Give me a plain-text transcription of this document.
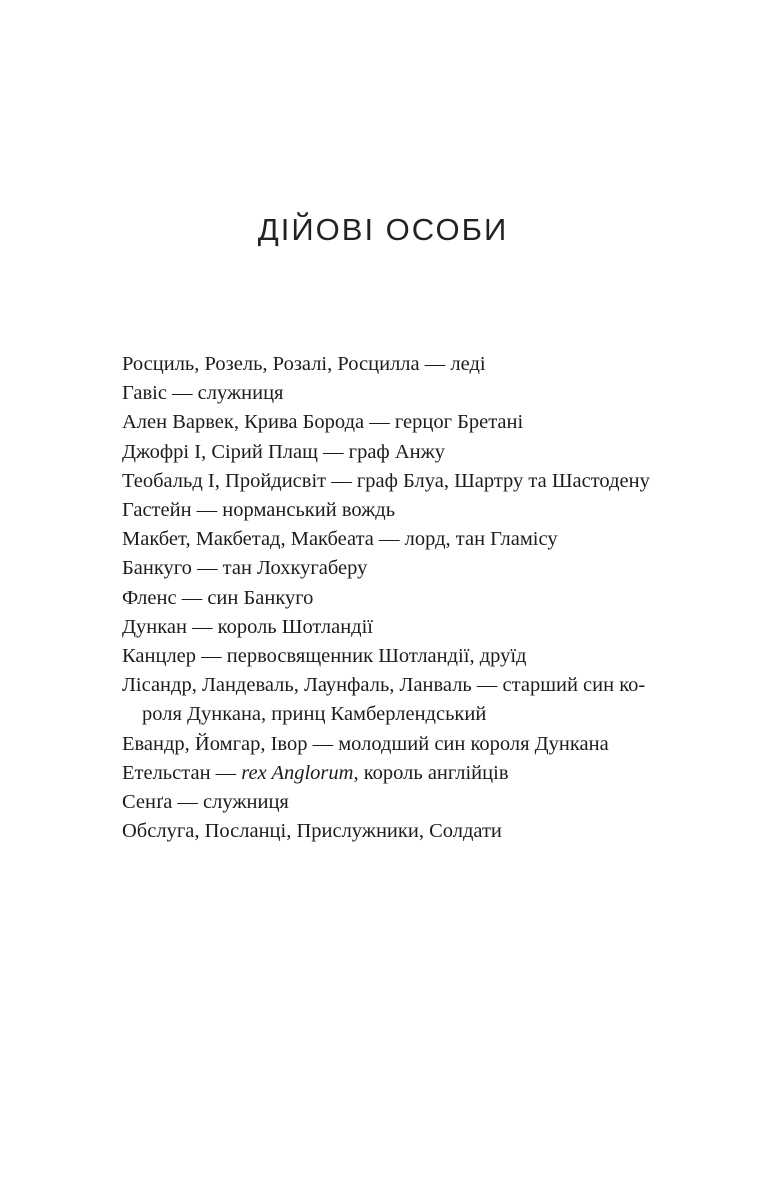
ДІЙОВІ ОСОБИ
Росциль, Розель, Розалі, Росцилла — леді
Гавіс — служниця
Ален Варвек, Крива Борода — герцог Бретані
Джофрі I, Сірий Плащ — граф Анжу
Теобальд I, Пройдисвіт — граф Блуа, Шартру та Шастодену
Гастейн — норманський вождь
Макбет, Макбетад, Макбеата — лорд, тан Гламісу
Банкуго — тан Лохкугаберу
Фленс — син Банкуго
Дункан — король Шотландії
Канцлер — первосвященник Шотландії, друїд
Лісандр, Ландеваль, Лаунфаль, Ланваль — старший син ко-
роля Дункана, принц Камберлендський
Евандр, Йомгар, Івор — молодший син короля Дункана
Етельстан — rex Anglorum, король англійців
Сенґа — служниця
Обслуга, Посланці, Прислужники, Солдати
